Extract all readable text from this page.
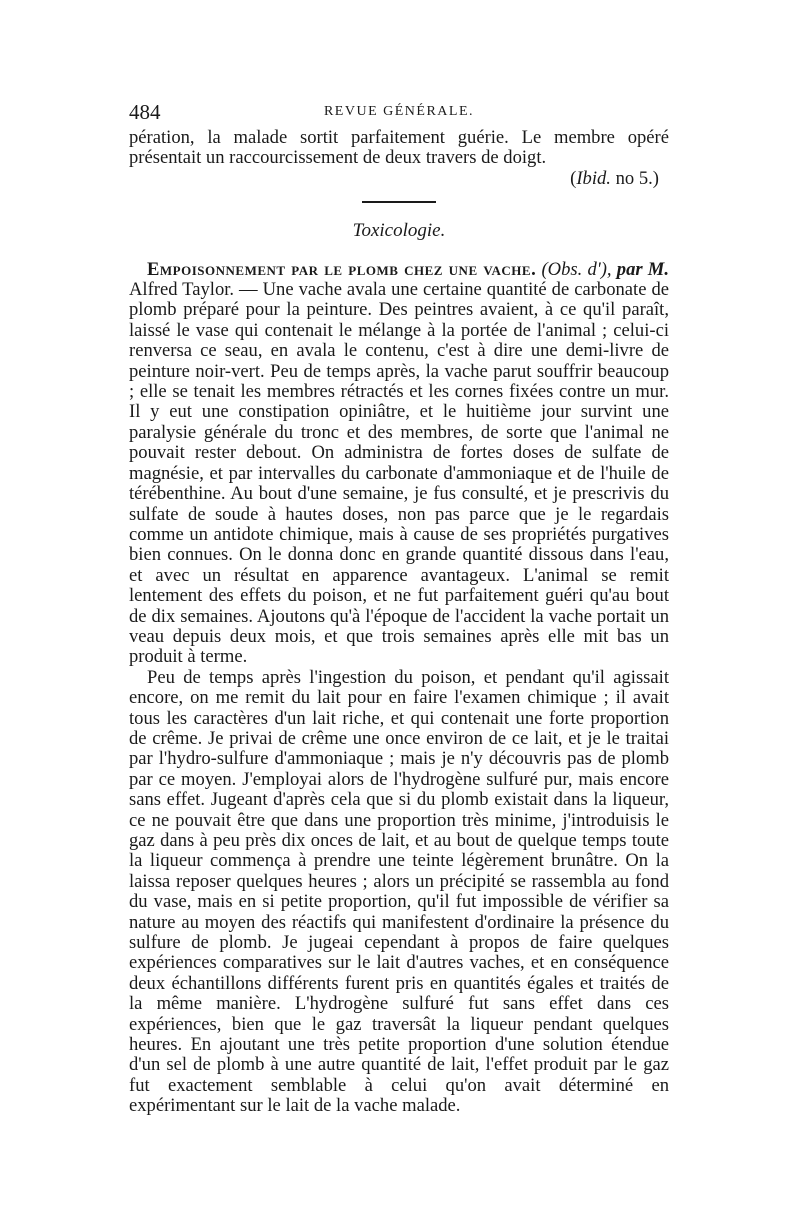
484	REVUE GÉNÉRALE.

pération, la malade sortit parfaitement guérie. Le membre opéré présentait un raccourcissement de deux travers de doigt.

(Ibid. no 5.)

Toxicologie.

Empoisonnement par le plomb chez une vache. (Obs. d'), par M. Alfred Taylor. — Une vache avala une certaine quantité de carbonate de plomb préparé pour la peinture. Des peintres avaient, à ce qu'il paraît, laissé le vase qui contenait le mélange à la portée de l'animal ; celui-ci renversa ce seau, en avala le contenu, c'est à dire une demi-livre de peinture noir-vert. Peu de temps après, la vache parut souffrir beaucoup ; elle se tenait les membres rétractés et les cornes fixées contre un mur. Il y eut une constipation opiniâtre, et le huitième jour survint une paralysie générale du tronc et des membres, de sorte que l'animal ne pouvait rester debout. On administra de fortes doses de sulfate de magnésie, et par intervalles du carbonate d'ammoniaque et de l'huile de térébenthine. Au bout d'une semaine, je fus consulté, et je prescrivis du sulfate de soude à hautes doses, non pas parce que je le regardais comme un antidote chimique, mais à cause de ses propriétés purgatives bien connues. On le donna donc en grande quantité dissous dans l'eau, et avec un résultat en apparence avantageux. L'animal se remit lentement des effets du poison, et ne fut parfaitement guéri qu'au bout de dix semaines. Ajoutons qu'à l'époque de l'accident la vache portait un veau depuis deux mois, et que trois semaines après elle mit bas un produit à terme.

Peu de temps après l'ingestion du poison, et pendant qu'il agissait encore, on me remit du lait pour en faire l'examen chimique ; il avait tous les caractères d'un lait riche, et qui contenait une forte proportion de crême. Je privai de crême une once environ de ce lait, et je le traitai par l'hydro-sulfure d'ammoniaque ; mais je n'y découvris pas de plomb par ce moyen. J'employai alors de l'hydrogène sulfuré pur, mais encore sans effet. Jugeant d'après cela que si du plomb existait dans la liqueur, ce ne pouvait être que dans une proportion très minime, j'introduisis le gaz dans à peu près dix onces de lait, et au bout de quelque temps toute la liqueur commença à prendre une teinte légèrement brunâtre. On la laissa reposer quelques heures ; alors un précipité se rassembla au fond du vase, mais en si petite proportion, qu'il fut impossible de vérifier sa nature au moyen des réactifs qui manifestent d'ordinaire la présence du sulfure de plomb. Je jugeai cependant à propos de faire quelques expériences comparatives sur le lait d'autres vaches, et en conséquence deux échantillons différents furent pris en quantités égales et traités de la même manière. L'hydrogène sulfuré fut sans effet dans ces expériences, bien que le gaz traversât la liqueur pendant quelques heures. En ajoutant une très petite proportion d'une solution étendue d'un sel de plomb à une autre quantité de lait, l'effet produit par le gaz fut exactement semblable à celui qu'on avait déterminé en expérimentant sur le lait de la vache malade.
